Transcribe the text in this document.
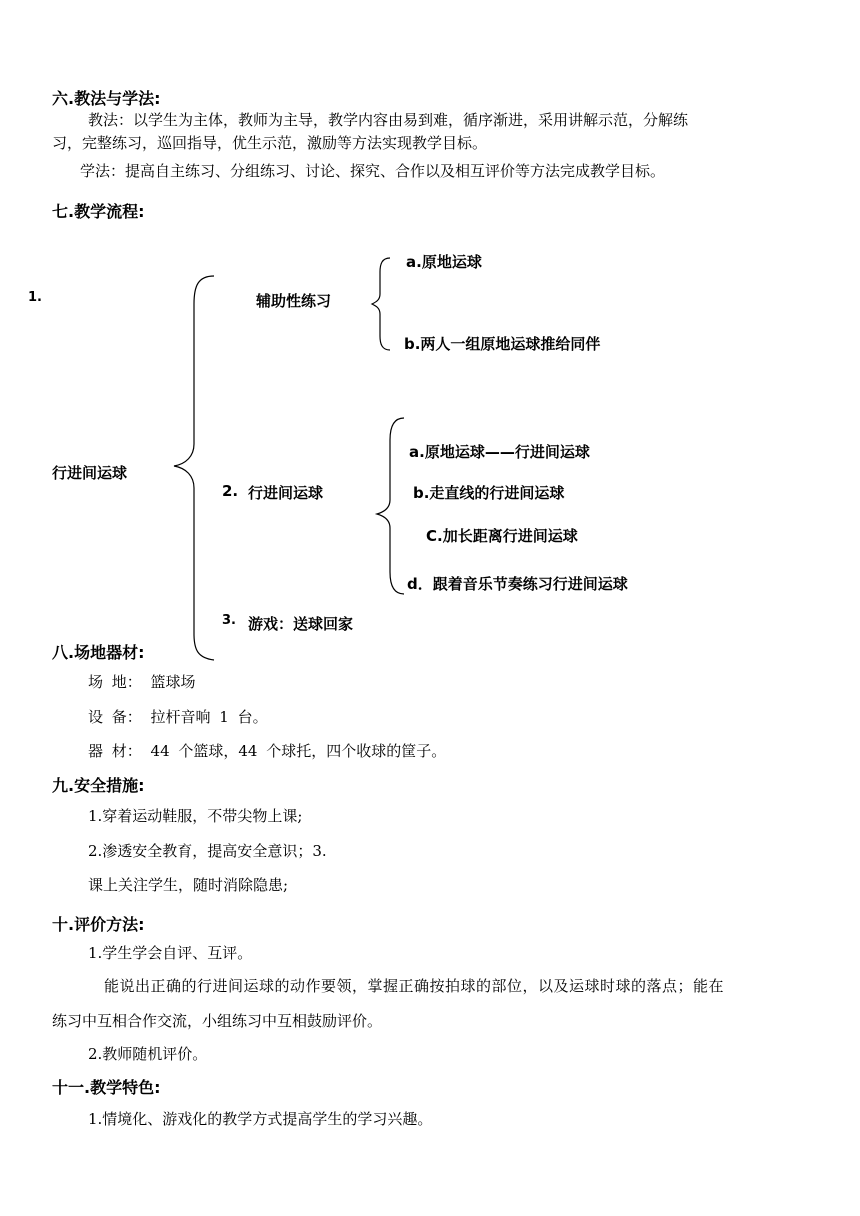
六.教法与学法:
教法：以学生为主体，教师为主导，教学内容由易到难，循序渐进，采用讲解示范，分解练
习，完整练习，巡回指导，优生示范，激励等方法实现教学目标。
学法：提高自主练习、分组练习、讨论、探究、合作以及相互评价等方法完成教学目标。
七.教学流程:
1.
行进间运球
辅助性练习
a.原地运球
b.两人一组原地运球推给同伴
2. 行进间运球
a.原地运球——行进间运球
b.走直线的行进间运球
C.加长距离行进间运球
d．跟着音乐节奏练习行进间运球
3. 游戏：送球回家
八.场地器材:
场 地： 篮球场
设 备： 拉杆音响 1 台。
器 材： 44 个篮球，44 个球托，四个收球的筐子。
九.安全措施:
1.穿着运动鞋服，不带尖物上课;
2.渗透安全教育，提高安全意识；3.
课上关注学生，随时消除隐患;
十.评价方法:
1.学生学会自评、互评。
能说出正确的行进间运球的动作要领，掌握正确按拍球的部位，以及运球时球的落点；能在
练习中互相合作交流，小组练习中互相鼓励评价。
2.教师随机评价。
十一.教学特色:
1.情境化、游戏化的教学方式提高学生的学习兴趣。
